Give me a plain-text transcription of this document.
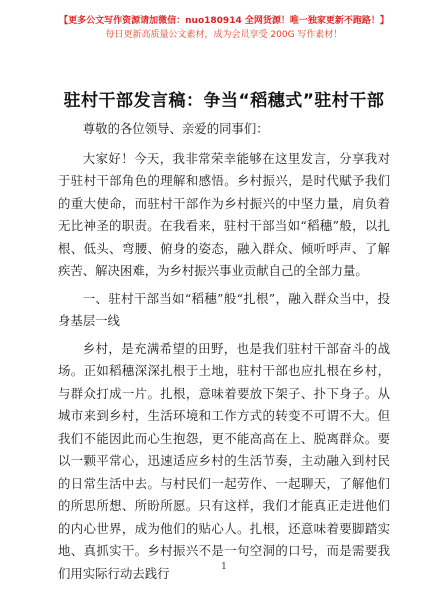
【更多公文写作资源请加微信：nuo180914 全网货源！唯一独家更新不跑路！】
每日更新高质量公文素材，成为会员享受 200G 写作素材！
驻村干部发言稿：争当“稻穗式”驻村干部

尊敬的各位领导、亲爱的同事们：

大家好！今天，我非常荣幸能够在这里发言，分享我对于驻村干部角色的理解和感悟。乡村振兴，是时代赋予我们的重大使命，而驻村干部作为乡村振兴的中坚力量，肩负着无比神圣的职责。在我看来，驻村干部当如“稻穗”般，以扎根、低头、弯腰、俯身的姿态，融入群众、倾听呼声、了解疾苦、解决困难，为乡村振兴事业贡献自己的全部力量。

一、驻村干部当如“稻穗”般“扎根”，融入群众当中，投身基层一线

乡村，是充满希望的田野，也是我们驻村干部奋斗的战场。正如稻穗深深扎根于土地，驻村干部也应扎根在乡村，与群众打成一片。扎根，意味着要放下架子、扑下身子。从城市来到乡村，生活环境和工作方式的转变不可谓不大。但我们不能因此而心生抱怨，更不能高高在上、脱离群众。要以一颗平常心，迅速适应乡村的生活节奏，主动融入到村民的日常生活中去。与村民们一起劳作、一起聊天，了解他们的所思所想、所盼所愿。只有这样，我们才能真正走进他们的内心世界，成为他们的贴心人。扎根，还意味着要脚踏实地、真抓实干。乡村振兴不是一句空洞的口号，而是需要我们用实际行动去践行	1
